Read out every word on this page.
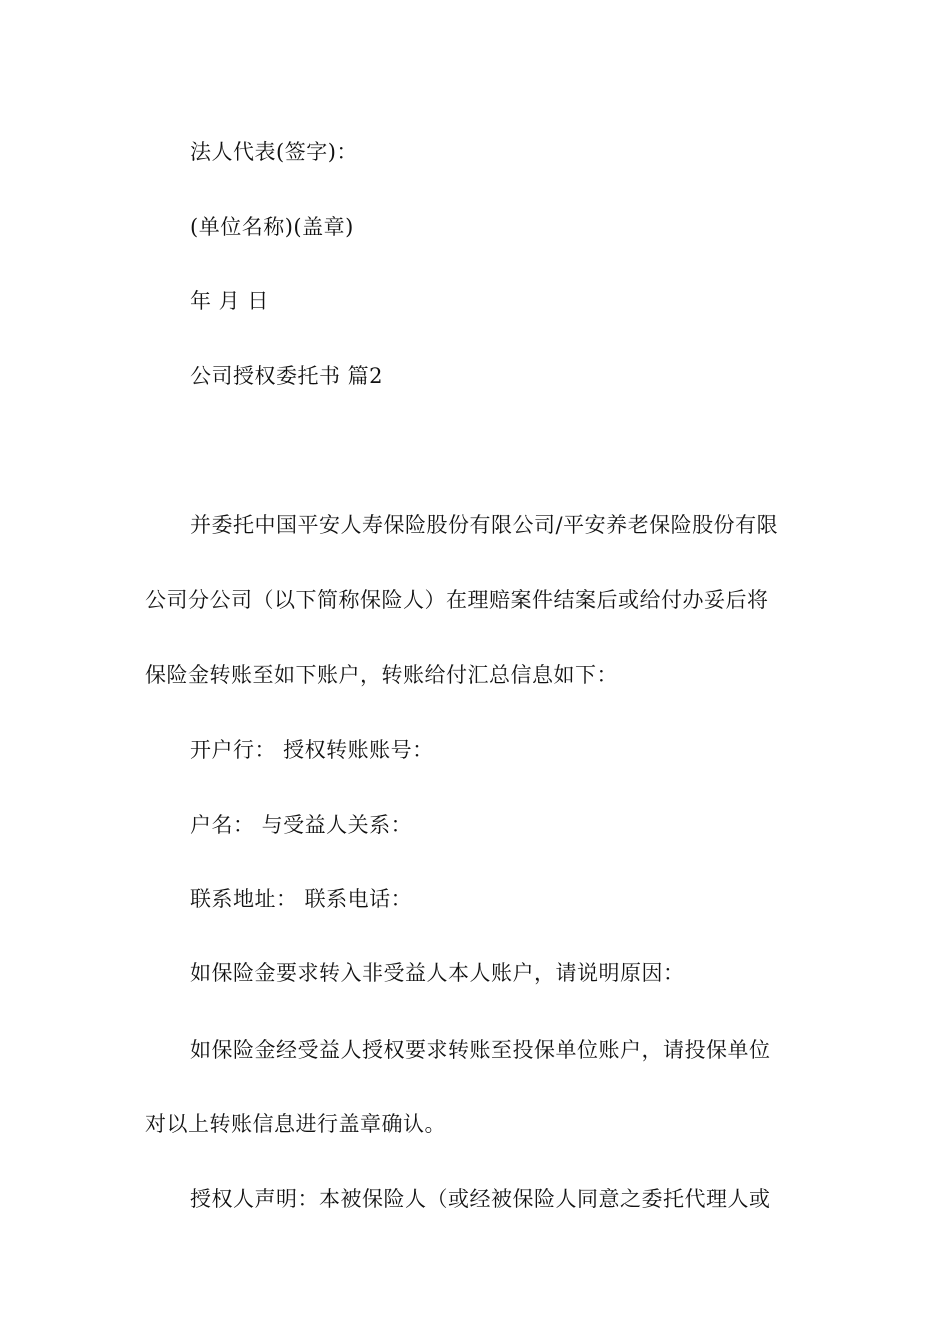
法人代表(签字)：
(单位名称)(盖章)
年 月 日
公司授权委托书 篇2
并委托中国平安人寿保险股份有限公司/平安养老保险股份有限
公司分公司（以下简称保险人）在理赔案件结案后或给付办妥后将
保险金转账至如下账户，转账给付汇总信息如下：
开户行： 授权转账账号：
户名： 与受益人关系：
联系地址： 联系电话：
如保险金要求转入非受益人本人账户，请说明原因：
如保险金经受益人授权要求转账至投保单位账户，请投保单位
对以上转账信息进行盖章确认。
授权人声明：本被保险人（或经被保险人同意之委托代理人或
